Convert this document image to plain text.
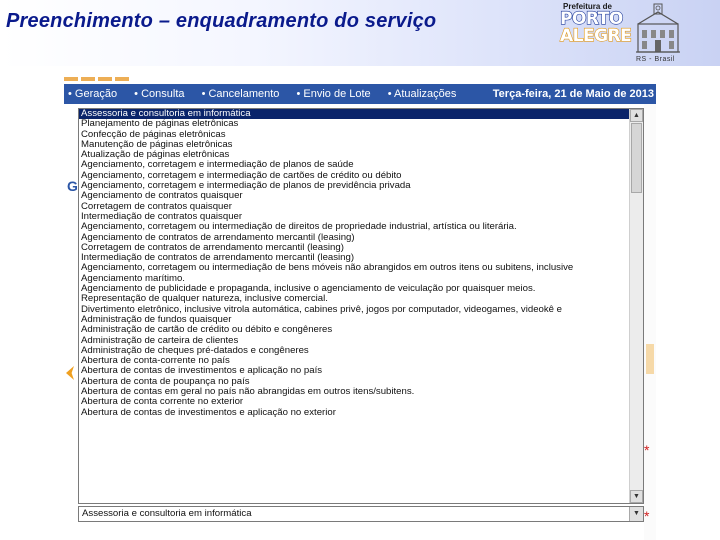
Preenchimento – enquadramento do serviço
Prefeitura de
PORTO
ALEGRE
RS - Brasil
• Geração • Consulta • Cancelamento • Envio de Lote • Atualizações	Terça-feira, 21 de Maio de 2013
G
*
*
Assessoria e consultoria em informática
Planejamento de páginas eletrônicas
Confecção de páginas eletrônicas
Manutenção de páginas eletrônicas
Atualização de páginas eletrônicas
Agenciamento, corretagem e intermediação de planos de saúde
Agenciamento, corretagem e intermediação de cartões de crédito ou débito
Agenciamento, corretagem e intermediação de planos de previdência privada
Agenciamento de contratos quaisquer
Corretagem de contratos quaisquer
Intermediação de contratos quaisquer
Agenciamento, corretagem ou intermediação de direitos de propriedade industrial, artística ou literária.
Agenciamento de contratos de arrendamento mercantil (leasing)
Corretagem de contratos de arrendamento mercantil (leasing)
Intermediação de contratos de arrendamento mercantil (leasing)
Agenciamento, corretagem ou intermediação de bens móveis não abrangidos em outros itens ou subitens, inclusive
Agenciamento marítimo.
Agenciamento de publicidade e propaganda, inclusive o agenciamento de veiculação por quaisquer meios.
Representação de qualquer natureza, inclusive comercial.
Divertimento eletrônico, inclusive vitrola automática, cabines privê, jogos por computador, videogames, videokê e
Administração de fundos quaisquer
Administração de cartão de crédito ou débito e congêneres
Administração de carteira de clientes
Administração de cheques pré-datados e congêneres
Abertura de conta-corrente no país
Abertura de contas de investimentos e aplicação no país
Abertura de conta de poupança no país
Abertura de contas em geral no país não abrangidas em outros itens/subitens.
Abertura de conta corrente no exterior
Abertura de contas de investimentos e aplicação no exterior
▲
▼
Assessoria e consultoria em informática	▼
